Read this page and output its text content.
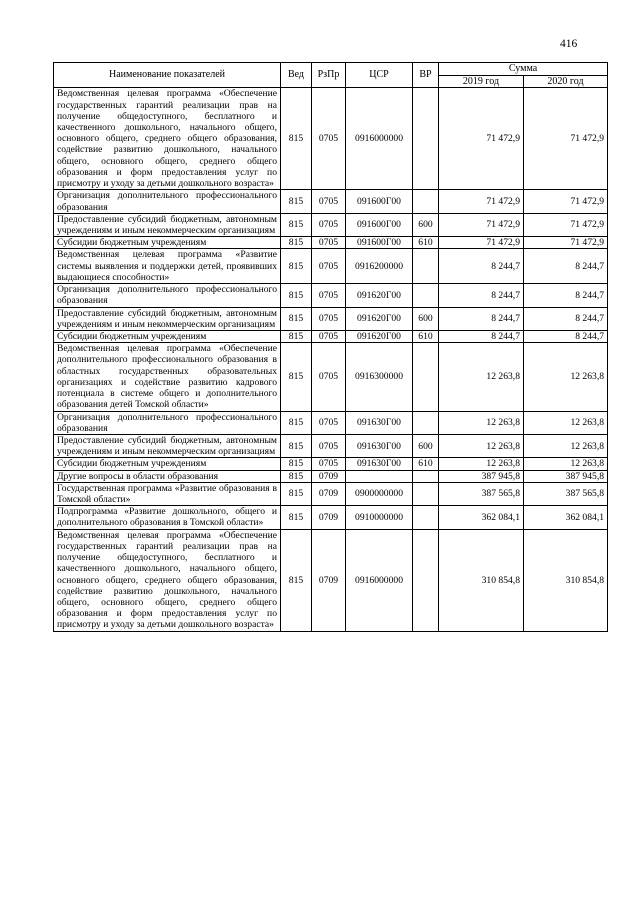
416
Наименование показателей	Вед	РзПр	ЦСР	ВР	Сумма	
					2019 год	2020 год
Ведомственная целевая программа «Обеспечение государственных гарантий реализации прав на получение общедоступного, бесплатного и качественного дошкольного, начального общего, основного общего, среднего общего образования, содействие развитию дошкольного, начального общего, основного общего, среднего общего образования и форм предоставления услуг по присмотру и уходу за детьми дошкольного возраста»	815	0705	0916000000		71 472,9	71 472,9
Организация дополнительного профессионального образования	815	0705	091600Г00		71 472,9	71 472,9
Предоставление субсидий бюджетным, автономным учреждениям и иным некоммерческим организациям	815	0705	091600Г00	600	71 472,9	71 472,9
Субсидии бюджетным учреждениям	815	0705	091600Г00	610	71 472,9	71 472,9
Ведомственная целевая программа «Развитие системы выявления и поддержки детей, проявивших выдающиеся способности»	815	0705	0916200000		8 244,7	8 244,7
Организация дополнительного профессионального образования	815	0705	091620Г00		8 244,7	8 244,7
Предоставление субсидий бюджетным, автономным учреждениям и иным некоммерческим организациям	815	0705	091620Г00	600	8 244,7	8 244,7
Субсидии бюджетным учреждениям	815	0705	091620Г00	610	8 244,7	8 244,7
Ведомственная целевая программа «Обеспечение дополнительного профессионального образования в областных государственных образовательных организациях и содействие развитию кадрового потенциала в системе общего и дополнительного образования детей Томской области»	815	0705	0916300000		12 263,8	12 263,8
Организация дополнительного профессионального образования	815	0705	091630Г00		12 263,8	12 263,8
Предоставление субсидий бюджетным, автономным учреждениям и иным некоммерческим организациям	815	0705	091630Г00	600	12 263,8	12 263,8
Субсидии бюджетным учреждениям	815	0705	091630Г00	610	12 263,8	12 263,8
Другие вопросы в области образования	815	0709			387 945,8	387 945,8
Государственная программа «Развитие образования в Томской области»	815	0709	0900000000		387 565,8	387 565,8
Подпрограмма «Развитие дошкольного, общего и дополнительного образования в Томской области»	815	0709	0910000000		362 084,1	362 084,1
Ведомственная целевая программа «Обеспечение государственных гарантий реализации прав на получение общедоступного, бесплатного и качественного дошкольного, начального общего, основного общего, среднего общего образования, содействие развитию дошкольного, начального общего, основного общего, среднего общего образования и форм предоставления услуг по присмотру и уходу за детьми дошкольного возраста»	815	0709	0916000000		310 854,8	310 854,8
